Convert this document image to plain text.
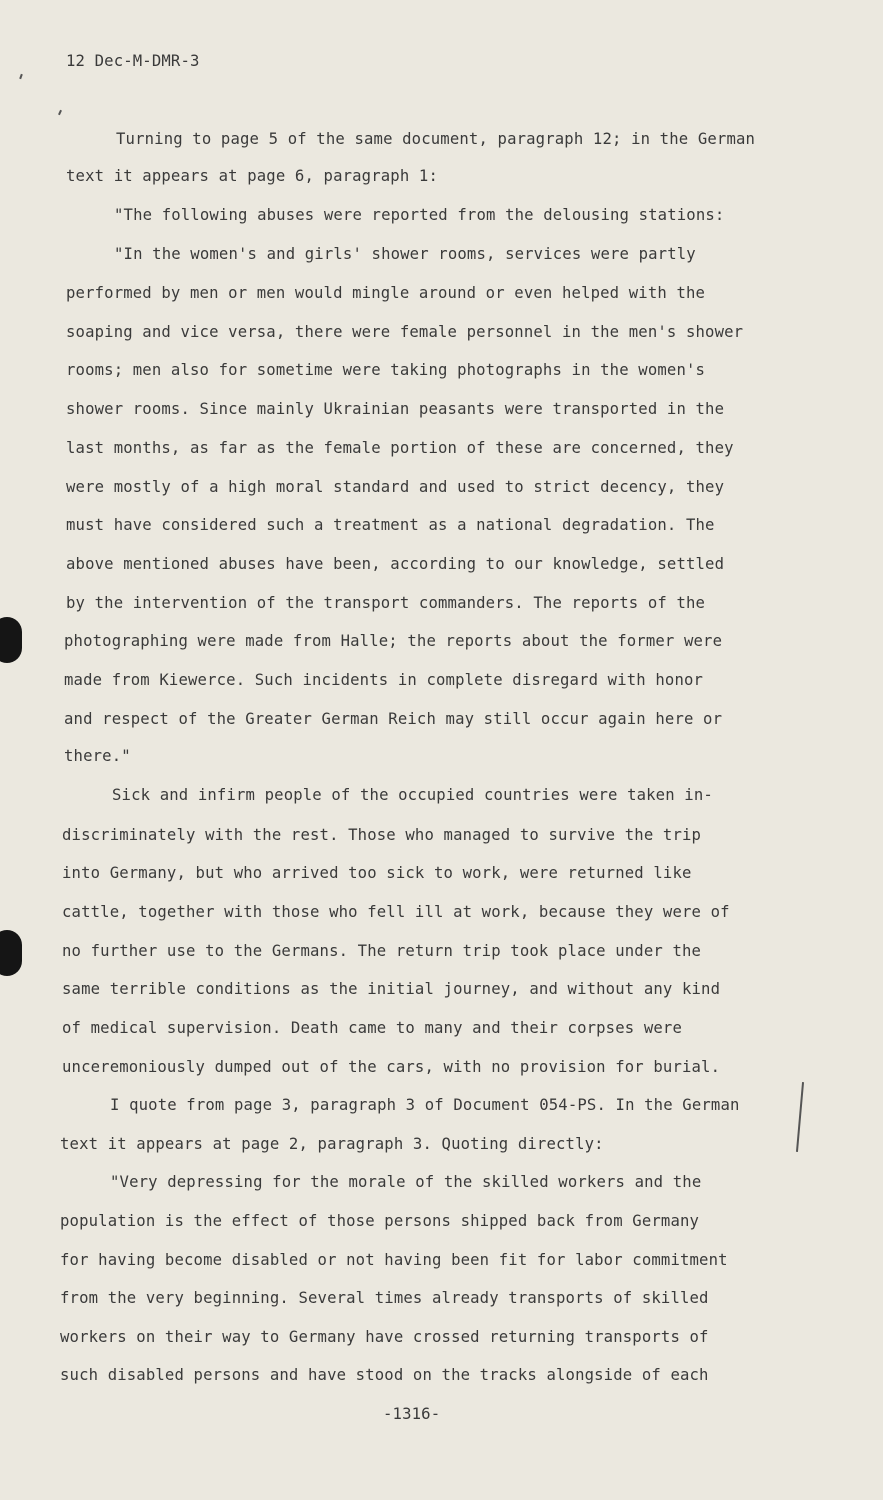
12 Dec-M-DMR-3
Turning to page 5 of the same document, paragraph 12; in the German
text it appears at page 6, paragraph 1:
"The following abuses were reported from the delousing stations:
"In the women's and girls' shower rooms, services were partly
performed by men or men would mingle around or even helped with the
soaping and vice versa, there were female personnel in the men's shower
rooms; men also for sometime were taking photographs in the women's
shower rooms. Since mainly Ukrainian peasants were transported in the
last months, as far as the female portion of these are concerned, they
were mostly of a high moral standard and used to strict decency, they
must have considered such a treatment as a national degradation. The
above mentioned abuses have been, according to our knowledge, settled
by the intervention of the transport commanders. The reports of the
photographing were made from Halle; the reports about the former were
made from Kiewerce. Such incidents in complete disregard with honor
and respect of the Greater German Reich may still occur again here or
there."
Sick and infirm people of the occupied countries were taken in-
discriminately with the rest. Those who managed to survive the trip
into Germany, but who arrived too sick to work, were returned like
cattle, together with those who fell ill at work, because they were of
no further use to the Germans. The return trip took place under the
same terrible conditions as the initial journey, and without any kind
of medical supervision. Death came to many and their corpses were
unceremoniously dumped out of the cars, with no provision for burial.
I quote from page 3, paragraph 3 of Document 054-PS. In the German
text it appears at page 2, paragraph 3. Quoting directly:
"Very depressing for the morale of the skilled workers and the
population is the effect of those persons shipped back from Germany
for having become disabled or not having been fit for labor commitment
from the very beginning. Several times already transports of skilled
workers on their way to Germany have crossed returning transports of
such disabled persons and have stood on the tracks alongside of each
-1316-
